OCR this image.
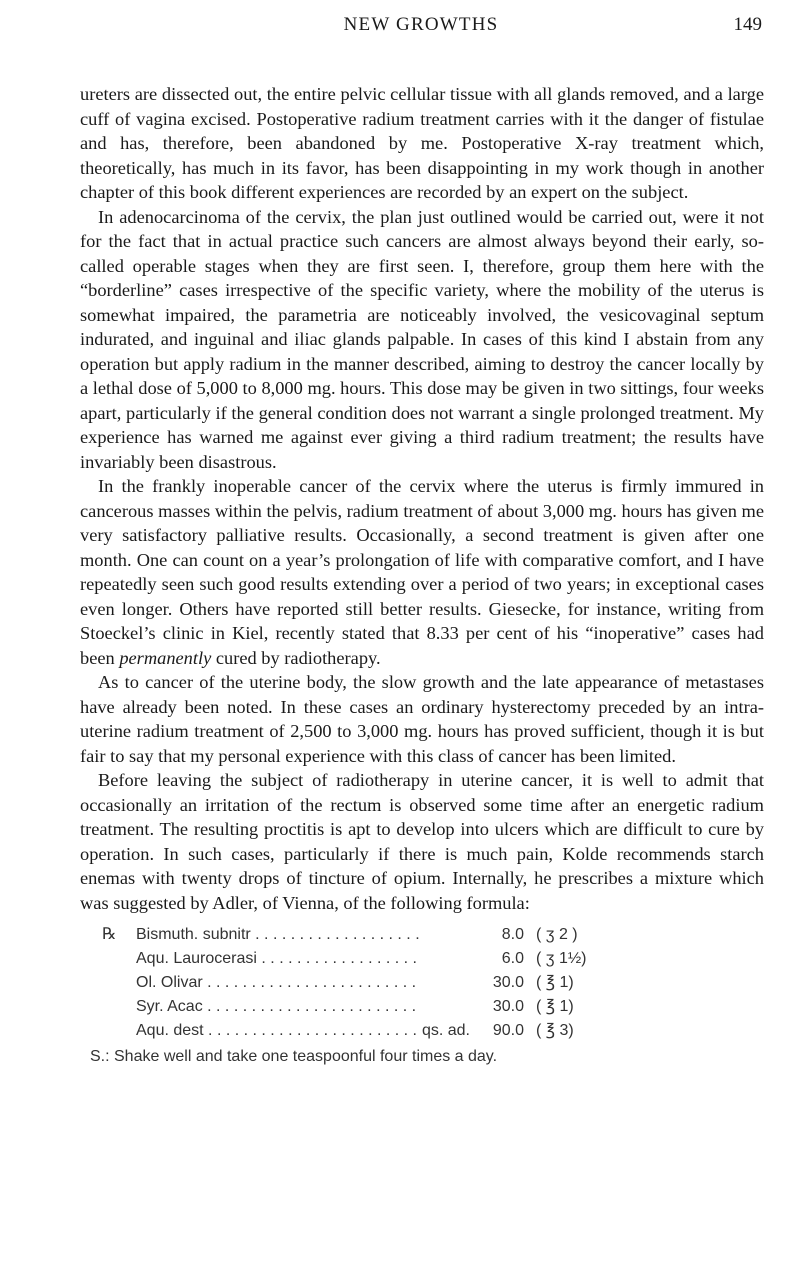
NEW GROWTHS	149

ureters are dissected out, the entire pelvic cellular tissue with all glands removed, and a large cuff of vagina excised. Postoperative radium treatment carries with it the danger of fistulae and has, therefore, been abandoned by me. Postoperative X-ray treatment which, theoretically, has much in its favor, has been disappointing in my work though in another chapter of this book different experiences are recorded by an expert on the subject.

In adenocarcinoma of the cervix, the plan just outlined would be carried out, were it not for the fact that in actual practice such cancers are almost always beyond their early, so-called operable stages when they are first seen. I, therefore, group them here with the “borderline” cases irrespective of the specific variety, where the mobility of the uterus is somewhat impaired, the parametria are noticeably involved, the vesicovaginal septum indurated, and inguinal and iliac glands palpable. In cases of this kind I abstain from any operation but apply radium in the manner described, aiming to destroy the cancer locally by a lethal dose of 5,000 to 8,000 mg. hours. This dose may be given in two sittings, four weeks apart, particularly if the general condition does not warrant a single prolonged treatment. My experience has warned me against ever giving a third radium treatment; the results have invariably been disastrous.

In the frankly inoperable cancer of the cervix where the uterus is firmly immured in cancerous masses within the pelvis, radium treatment of about 3,000 mg. hours has given me very satisfactory palliative results. Occasionally, a second treatment is given after one month. One can count on a year’s prolongation of life with comparative comfort, and I have repeatedly seen such good results extending over a period of two years; in exceptional cases even longer. Others have reported still better results. Giesecke, for instance, writing from Stoeckel’s clinic in Kiel, recently stated that 8.33 per cent of his “inoperative” cases had been permanently cured by radiotherapy.

As to cancer of the uterine body, the slow growth and the late appearance of metastases have already been noted. In these cases an ordinary hysterectomy preceded by an intra-uterine radium treatment of 2,500 to 3,000 mg. hours has proved sufficient, though it is but fair to say that my personal experience with this class of cancer has been limited.

Before leaving the subject of radiotherapy in uterine cancer, it is well to admit that occasionally an irritation of the rectum is observed some time after an energetic radium treatment. The resulting proctitis is apt to develop into ulcers which are difficult to cure by operation. In such cases, particularly if there is much pain, Kolde recommends starch enemas with twenty drops of tincture of opium. Internally, he prescribes a mixture which was suggested by Adler, of Vienna, of the following formula:

℞	Bismuth. subnitr . . .	8.0 ( ʒ 2 )
Aqu. Laurocerasi . . .	6.0 ( ʒ 1½)
Ol. Olivar . . .	30.0 ( ℥ 1)
Syr. Acac . . .	30.0 ( ℥ 1)
Aqu. dest . . .	qs. ad.	90.0 ( ℥ 3)
S.: Shake well and take one teaspoonful four times a day.
